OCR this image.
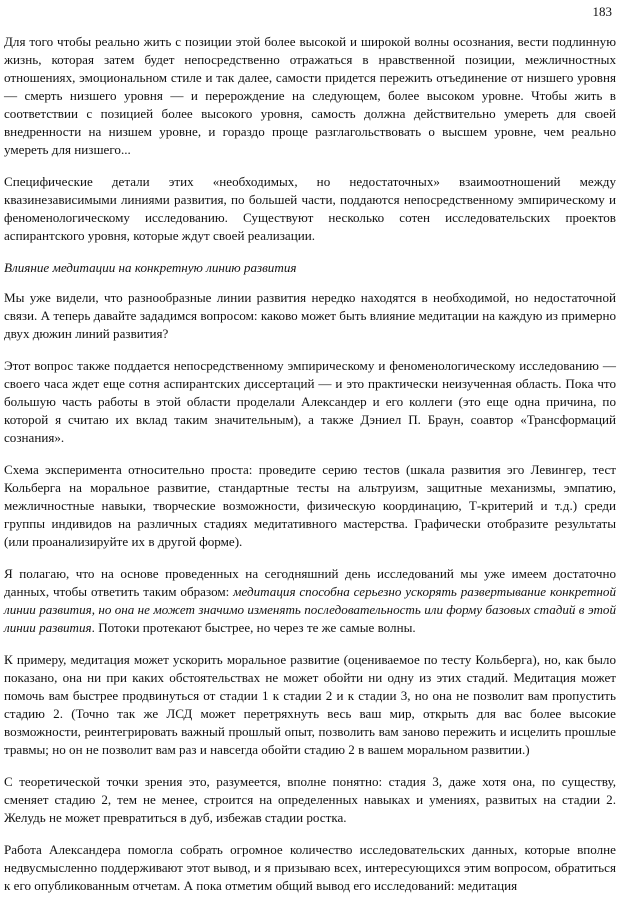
183

Для того чтобы реально жить с позиции этой более высокой и широкой волны осознания, вести подлинную жизнь, которая затем будет непосредственно отражаться в нравственной позиции, межличностных отношениях, эмоциональном стиле и так далее, самости придется пережить отъединение от низшего уровня — смерть низшего уровня — и перерождение на следующем, более высоком уровне. Чтобы жить в соответствии с позицией более высокого уровня, самость должна действительно умереть для своей внедренности на низшем уровне, и гораздо проще разглагольствовать о высшем уровне, чем реально умереть для низшего...

Специфические детали этих «необходимых, но недостаточных» взаимоотношений между квазинезависимыми линиями развития, по большей части, поддаются непосредственному эмпирическому и феноменологическому исследованию. Существуют несколько сотен исследовательских проектов аспирантского уровня, которые ждут своей реализации.

Влияние медитации на конкретную линию развития

Мы уже видели, что разнообразные линии развития нередко находятся в необходимой, но недостаточной связи. А теперь давайте зададимся вопросом: каково может быть влияние медитации на каждую из примерно двух дюжин линий развития?

Этот вопрос также поддается непосредственному эмпирическому и феноменологическому исследованию — своего часа ждет еще сотня аспирантских диссертаций — и это практически неизученная область. Пока что большую часть работы в этой области проделали Александер и его коллеги (это еще одна причина, по которой я считаю их вклад таким значительным), а также Дэниел П. Браун, соавтор «Трансформаций сознания».

Схема эксперимента относительно проста: проведите серию тестов (шкала развития эго Левингер, тест Кольберга на моральное развитие, стандартные тесты на альтруизм, защитные механизмы, эмпатию, межличностные навыки, творческие возможности, физическую координацию, Т-критерий и т.д.) среди группы индивидов на различных стадиях медитативного мастерства. Графически отобразите результаты (или проанализируйте их в другой форме).

Я полагаю, что на основе проведенных на сегодняшний день исследований мы уже имеем достаточно данных, чтобы ответить таким образом: медитация способна серьезно ускорять развертывание конкретной линии развития, но она не может значимо изменять последовательность или форму базовых стадий в этой линии развития. Потоки протекают быстрее, но через те же самые волны.

К примеру, медитация может ускорить моральное развитие (оцениваемое по тесту Кольберга), но, как было показано, она ни при каких обстоятельствах не может обойти ни одну из этих стадий. Медитация может помочь вам быстрее продвинуться от стадии 1 к стадии 2 и к стадии 3, но она не позволит вам пропустить стадию 2. (Точно так же ЛСД может перетряхнуть весь ваш мир, открыть для вас более высокие возможности, реинтегрировать важный прошлый опыт, позволить вам заново пережить и исцелить прошлые травмы; но он не позволит вам раз и навсегда обойти стадию 2 в вашем моральном развитии.)

С теоретической точки зрения это, разумеется, вполне понятно: стадия 3, даже хотя она, по существу, сменяет стадию 2, тем не менее, строится на определенных навыках и умениях, развитых на стадии 2. Желудь не может превратиться в дуб, избежав стадии ростка.

Работа Александера помогла собрать огромное количество исследовательских данных, которые вполне недвусмысленно поддерживают этот вывод, и я призываю всех, интересующихся этим вопросом, обратиться к его опубликованным отчетам. А пока отметим общий вывод его исследований: медитация
